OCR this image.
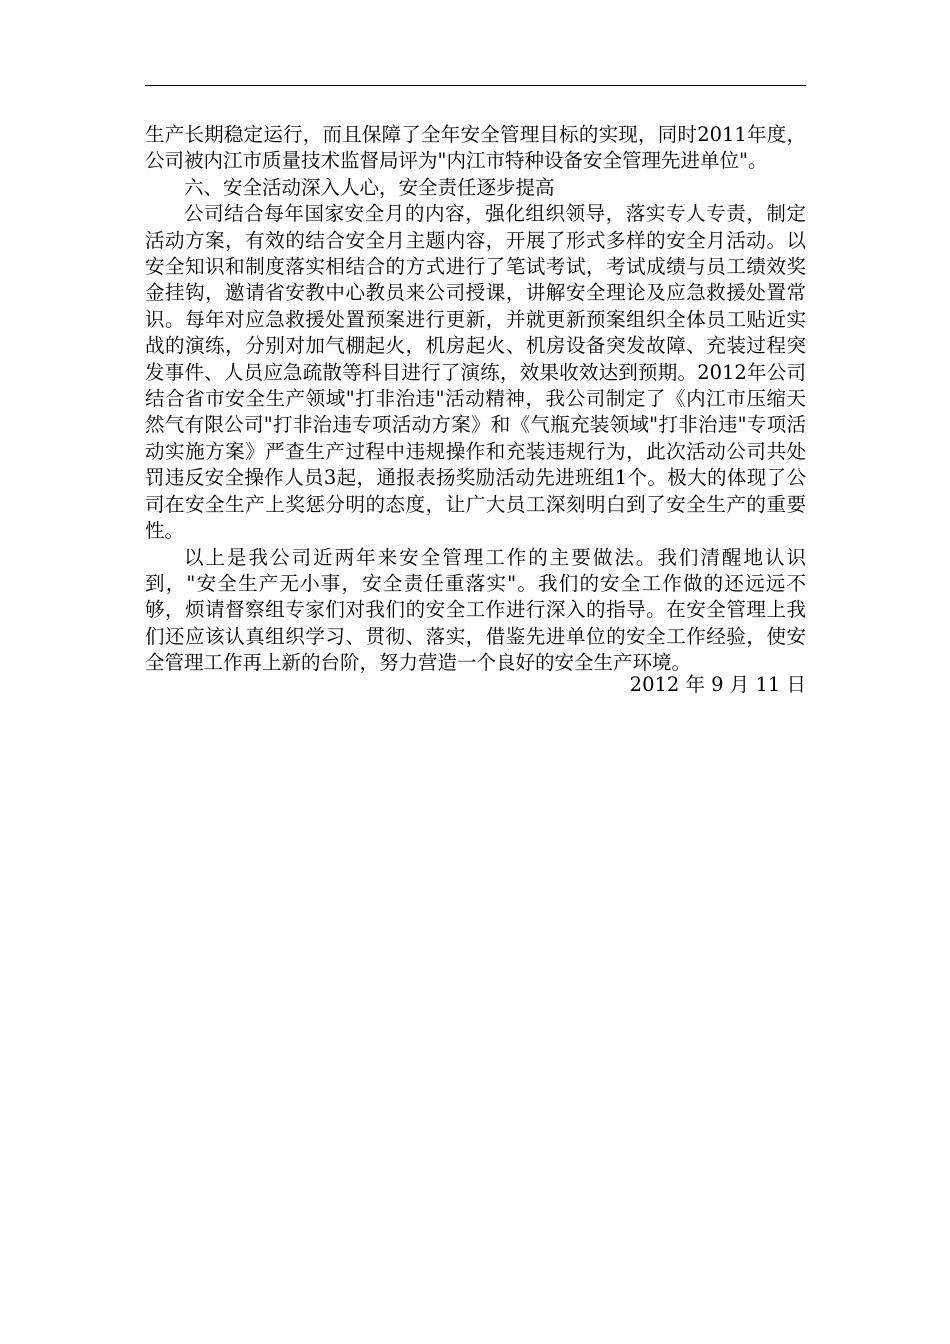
生产长期稳定运行，而且保障了全年安全管理目标的实现，同时2011年度，公司被内江市质量技术监督局评为"内江市特种设备安全管理先进单位"。

六、安全活动深入人心，安全责任逐步提高

公司结合每年国家安全月的内容，强化组织领导，落实专人专责，制定活动方案，有效的结合安全月主题内容，开展了形式多样的安全月活动。以安全知识和制度落实相结合的方式进行了笔试考试，考试成绩与员工绩效奖金挂钩，邀请省安教中心教员来公司授课，讲解安全理论及应急救援处置常识。每年对应急救援处置预案进行更新，并就更新预案组织全体员工贴近实战的演练，分别对加气棚起火，机房起火、机房设备突发故障、充装过程突发事件、人员应急疏散等科目进行了演练，效果收效达到预期。2012年公司结合省市安全生产领域"打非治违"活动精神，我公司制定了《内江市压缩天然气有限公司"打非治违专项活动方案》和《气瓶充装领域"打非治违"专项活动实施方案》严查生产过程中违规操作和充装违规行为，此次活动公司共处罚违反安全操作人员3起，通报表扬奖励活动先进班组1个。极大的体现了公司在安全生产上奖惩分明的态度，让广大员工深刻明白到了安全生产的重要性。

以上是我公司近两年来安全管理工作的主要做法。我们清醒地认识到，"安全生产无小事，安全责任重落实"。我们的安全工作做的还远远不够，烦请督察组专家们对我们的安全工作进行深入的指导。在安全管理上我们还应该认真组织学习、贯彻、落实，借鉴先进单位的安全工作经验，使安全管理工作再上新的台阶，努力营造一个良好的安全生产环境。

2012 年 9 月 11 日
